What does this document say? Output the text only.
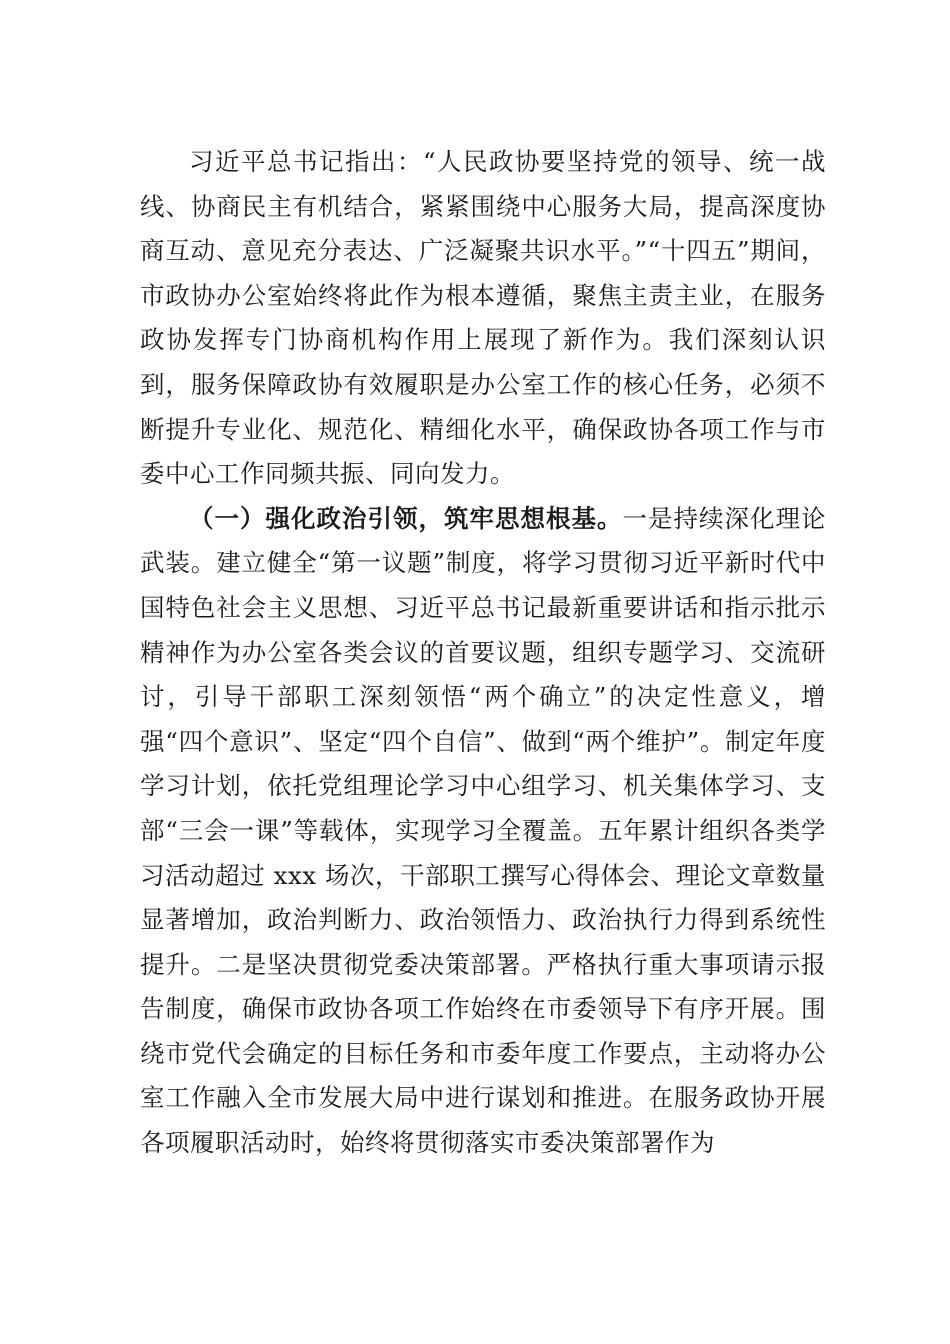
习近平总书记指出：“人民政协要坚持党的领导、统一战线、协商民主有机结合，紧紧围绕中心服务大局，提高深度协商互动、意见充分表达、广泛凝聚共识水平。”“十四五”期间，市政协办公室始终将此作为根本遵循，聚焦主责主业，在服务政协发挥专门协商机构作用上展现了新作为。我们深刻认识到，服务保障政协有效履职是办公室工作的核心任务，必须不断提升专业化、规范化、精细化水平，确保政协各项工作与市委中心工作同频共振、同向发力。

（一）强化政治引领，筑牢思想根基。一是持续深化理论武装。建立健全“第一议题”制度，将学习贯彻习近平新时代中国特色社会主义思想、习近平总书记最新重要讲话和指示批示精神作为办公室各类会议的首要议题，组织专题学习、交流研讨，引导干部职工深刻领悟“两个确立”的决定性意义，增强“四个意识”、坚定“四个自信”、做到“两个维护”。制定年度学习计划，依托党组理论学习中心组学习、机关集体学习、支部“三会一课”等载体，实现学习全覆盖。五年累计组织各类学习活动超过 xxx 场次，干部职工撰写心得体会、理论文章数量显著增加，政治判断力、政治领悟力、政治执行力得到系统性提升。二是坚决贯彻党委决策部署。严格执行重大事项请示报告制度，确保市政协各项工作始终在市委领导下有序开展。围绕市党代会确定的目标任务和市委年度工作要点，主动将办公室工作融入全市发展大局中进行谋划和推进。在服务政协开展各项履职活动时，始终将贯彻落实市委决策部署作为
